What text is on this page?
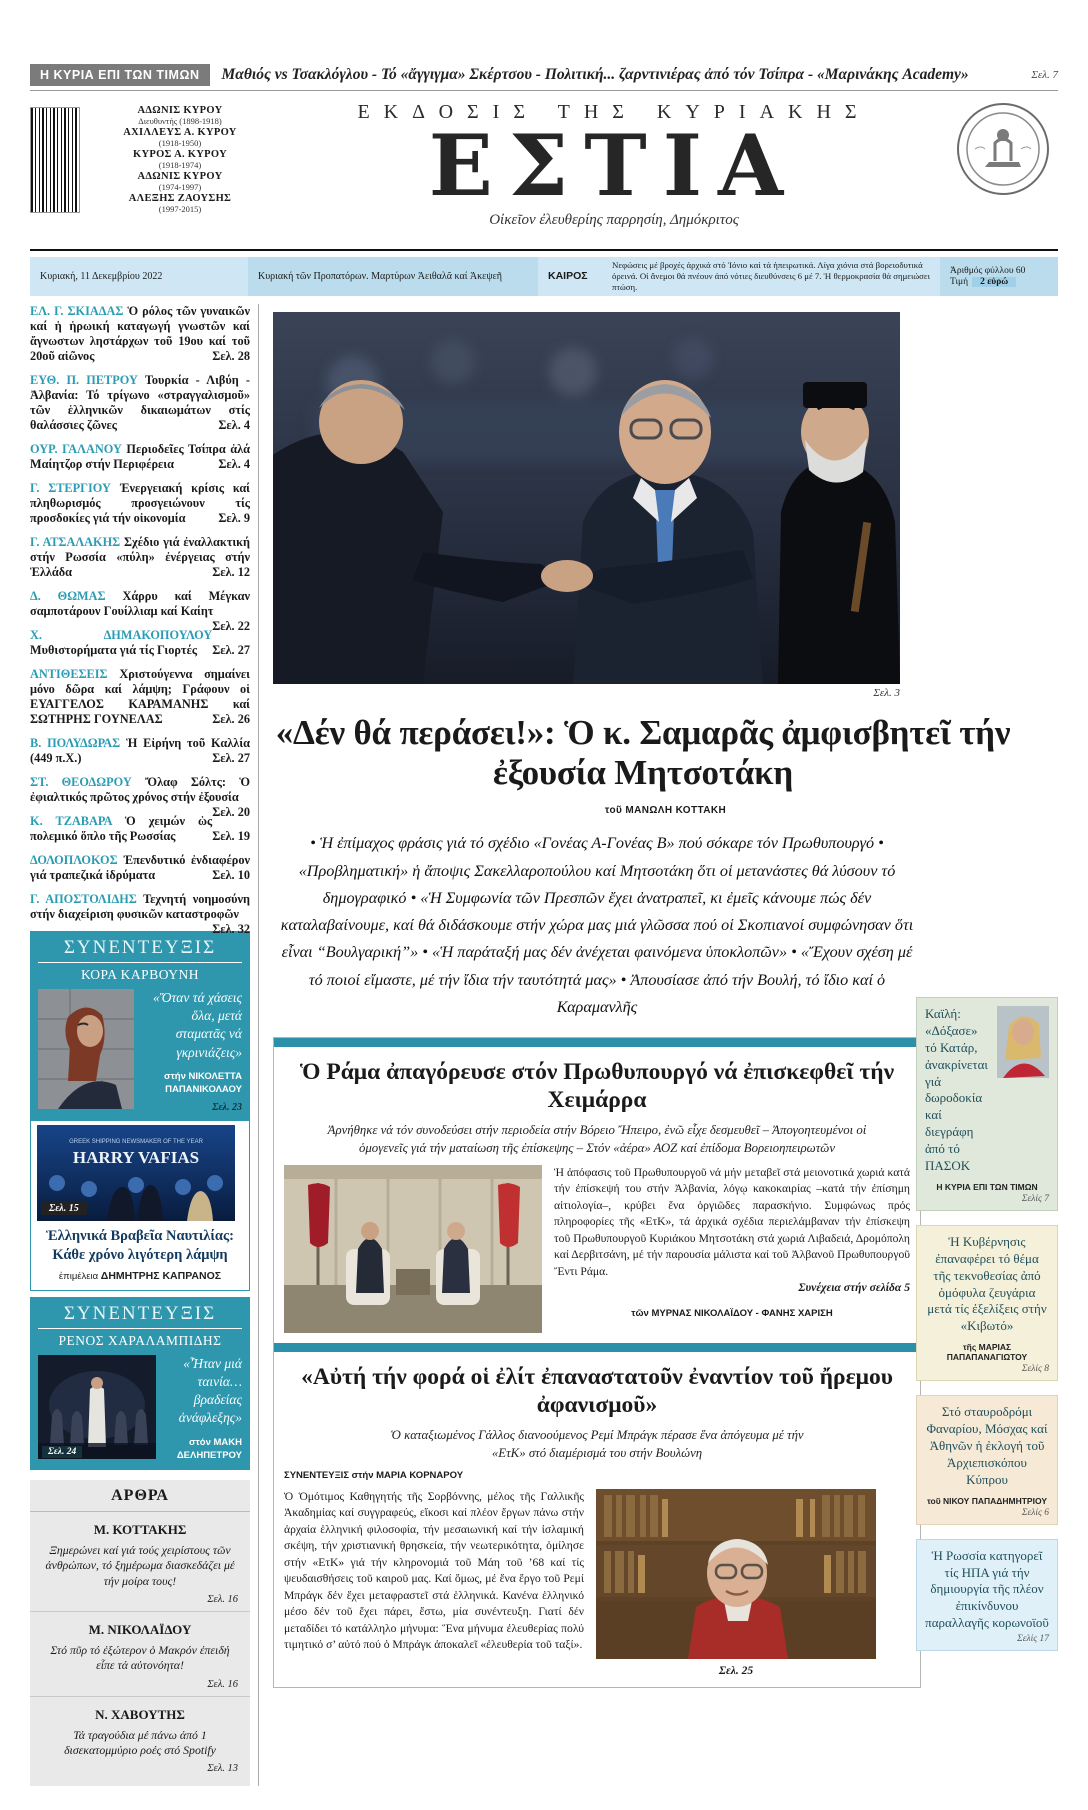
Η ΚΥΡΙΑ ΕΠΙ ΤΩΝ ΤΙΜΩΝ	Μαθιός vs Τσακλόγλου - Τό «ἄγγιγμα» Σκέρτσου - Πολιτική... ζαρντινιέρας ἀπό τόν Τσίπρα - «Μαρινάκης Academy»	Σελ. 7
ΑΔΩΝΙΣ ΚΥΡΟΥ
Διευθυντής (1898-1918)
ΑΧΙΛΛΕΥΣ Α. ΚΥΡΟΥ
(1918-1950)
ΚΥΡΟΣ Α. ΚΥΡΟΥ
(1918-1974)
ΑΔΩΝΙΣ ΚΥΡΟΥ
(1974-1997)
ΑΛΕΞΗΣ ΖΑΟΥΣΗΣ
(1997-2015)
ΕΚΔΟΣΙΣ ΤΗΣ ΚΥΡΙΑΚΗΣ
ΕΣΤΙΑ
Οἰκεῖον ἐλευθερίης παρρησίη, Δημόκριτος
Κυριακή, 11 Δεκεμβρίου 2022	Κυριακή τῶν Προπατόρων. Μαρτύρων Ἀειθαλᾶ καί Ἀκεψεῆ	ΚΑΙΡΟΣ
Νεφώσεις μέ βροχές ἀρχικά στό Ἰόνιο καί τά ἠπειρωτικά. Λίγα χιόνια στά βορειοδυτικά ὀρεινά. Οἱ ἄνεμοι θά πνέουν ἀπό νότιες διευθύνσεις 6 μέ 7. Ἡ θερμοκρασία θά σημειώσει πτώση.
Ἀριθμός φύλλου 60
Τιμή 2 εὐρώ
ΕΛ. Γ. ΣΚΙΑΔΑΣ Ὁ ρόλος τῶν γυναικῶν καί ἡ ἡρωική καταγωγή γνωστῶν καί ἄγνωστων ληστάρχων τοῦ 19ου καί τοῦ 20οῦ αἰῶνος	Σελ. 28
ΕΥΘ. Π. ΠΕΤΡΟΥ Τουρκία - Λιβύη - Ἀλβανία: Τό τρίγωνο «στραγγαλισμοῦ» τῶν ἑλληνικῶν δικαιωμάτων στίς θαλάσσιες ζῶνες	Σελ. 4
ΟΥΡ. ΓΑΛΑΝΟΥ Περιοδεῖες Τσίπρα ἀλά Μαίητζορ στήν Περιφέρεια	Σελ. 4
Γ. ΣΤΕΡΓΙΟΥ Ἐνεργειακή κρίσις καί πληθωρισμός προσγειώνουν τίς προσδοκίες γιά τήν οἰκονομία	Σελ. 9
Γ. ΑΤΣΑΛΑΚΗΣ Σχέδιο γιά ἐναλλακτική στήν Ρωσσία «πύλη» ἐνέργειας στήν Ἑλλάδα	Σελ. 12
Δ. ΘΩΜΑΣ Χάρρυ καί Μέγκαν σαμποτάρουν Γουίλλιαμ καί Καίητ
Σελ. 22
Χ. ΔΗΜΑΚΟΠΟΥΛΟΥ Μυθιστορήματα γιά τίς Γιορτές Σελ. 27
ΑΝΤΙΘΕΣΕΙΣ Χριστούγεννα σημαίνει μόνο δῶρα καί λάμψη; Γράφουν οἱ ΕΥΑΓΓΕΛΟΣ ΚΑΡΑΜΑΝΗΣ καί ΣΩΤΗΡΗΣ ΓΟΥΝΕΛΑΣ	Σελ. 26
Β. ΠΟΛΥΔΩΡΑΣ Ἡ Εἰρήνη τοῦ Καλλία (449 π.Χ.)	Σελ. 27
ΣΤ. ΘΕΟΔΩΡΟΥ Ὄλαφ Σόλτς: Ὁ ἐφιαλτικός πρῶτος χρόνος στήν ἐξουσία
Σελ. 20
Κ. ΤΖΑΒΑΡΑ Ὁ χειμών ὡς πολεμικό ὅπλο τῆς Ρωσσίας	Σελ. 19
ΔΟΛΟΠΛΟΚΟΣ Ἐπενδυτικό ἐνδιαφέρον γιά τραπεζικά ἱδρύματα	Σελ. 10
Γ. ΑΠΟΣΤΟΛΙΔΗΣ Τεχνητή νοημοσύνη στήν διαχείριση φυσικῶν καταστροφῶν
Σελ. 32
ΣΥΝΕΝΤΕΥΞΙΣ
ΚΟΡΑ ΚΑΡΒΟΥΝΗ
«Ὅταν τά χάσεις ὅλα, μετά σταματᾶς νά γκρινιάζεις»
στήν ΝΙΚΟΛΕΤΤΑ ΠΑΠΑΝΙΚΟΛΑΟΥ
Σελ. 23
GREEK SHIPPING NEWSMAKER OF THE YEAR
HARRY VAFIAS
Σελ. 15
Ἑλληνικά Βραβεῖα Ναυτιλίας: Κάθε χρόνο λιγότερη λάμψη
ἐπιμέλεια ΔΗΜΗΤΡΗΣ ΚΑΠΡΑΝΟΣ
ΣΥΝΕΝΤΕΥΞΙΣ
ΡΕΝΟΣ ΧΑΡΑΛΑΜΠΙΔΗΣ
Σελ. 24
«Ἦταν μιά ταινία… βραδείας ἀνάφλεξης»
στόν ΜΑΚΗ ΔΕΛΗΠΕΤΡΟΥ
ΑΡΘΡΑ
Μ. ΚΟΤΤΑΚΗΣ
Ξημερώνει καί γιά τούς χειρίστους τῶν ἀνθρώπων, τό ξημέρωμα διασκεδάζει μέ τήν μοίρα τους!
Σελ. 16
Μ. ΝΙΚΟΛΑΪΔΟΥ
Στό πῦρ τό ἐξώτερον ὁ Μακρόν ἐπειδή εἶπε τά αὐτονόητα!
Σελ. 16
Ν. ΧΑΒΟΥΤΗΣ
Τά τραγούδια μέ πάνω ἀπό 1 δισεκατομμύριο ροές στό Spotify
Σελ. 13
Καϊλή: «Δόξασε» τό Κατάρ, ἀνακρίνεται γιά δωροδοκία καί διεγράφη ἀπό τό ΠΑΣΟΚ
Η ΚΥΡΙΑ ΕΠΙ ΤΩΝ ΤΙΜΩΝ
Σελίς 7
Ἡ Κυβέρνησις ἐπαναφέρει τό θέμα τῆς τεκνοθεσίας ἀπό ὁμόφυλα ζευγάρια μετά τίς ἐξελίξεις στήν «Κιβωτό»
τῆς ΜΑΡΙΑΣ ΠΑΠΑΠΑΝΑΓΙΩΤΟΥ
Σελίς 8
Στό σταυροδρόμι Φαναρίου, Μόσχας καί Ἀθηνῶν ἡ ἐκλογή τοῦ Ἀρχιεπισκόπου Κύπρου
τοῦ ΝΙΚΟΥ ΠΑΠΑΔΗΜΗΤΡΙΟΥ
Σελίς 6
Ἡ Ρωσσία κατηγορεῖ τίς ΗΠΑ γιά τήν δημιουργία τῆς πλέον ἐπικίνδυνου παραλλαγῆς κορωνοϊοῦ
Σελίς 17
Σελ. 3
«Δέν θά περάσει!»: Ὁ κ. Σαμαρᾶς ἀμφισβητεῖ τήν ἐξουσία Μητσοτάκη
τοῦ ΜΑΝΩΛΗ ΚΟΤΤΑΚΗ

• Ἡ ἐπίμαχος φράσις γιά τό σχέδιο «Γονέας Α-Γονέας Β» πού σόκαρε τόν Πρωθυπουργό • «Προβληματική» ἡ ἄποψις Σακελλαροπούλου καί Μητσοτάκη ὅτι οἱ μετανάστες θά λύσουν τό δημογραφικό • «Ἡ Συμφωνία τῶν Πρεσπῶν ἔχει ἀνατραπεῖ, κι ἐμεῖς κάνουμε πώς δέν καταλαβαίνουμε, καί θά διδάσκουμε στήν χώρα μας μιά γλῶσσα πού οἱ Σκοπιανοί συμφώνησαν ὅτι εἶναι “Βουλγαρική”» • «Ἡ παράταξή μας δέν ἀνέχεται φαινόμενα ὑποκλοπῶν» • «Ἔχουν σχέση μέ τό ποιοί εἴμαστε, μέ τήν ἴδια τήν ταυτότητά μας» • Ἀπουσίασε ἀπό τήν Βουλή, τό ἴδιο καί ὁ Καραμανλῆς

Ὁ Ράμα ἀπαγόρευσε στόν Πρωθυπουργό νά ἐπισκεφθεῖ τήν Χειμάρρα
Ἀρνήθηκε νά τόν συνοδεύσει στήν περιοδεία στήν Βόρειο Ἤπειρο, ἐνῶ εἶχε δεσμευθεῖ – Ἀπογοητευμένοι οἱ ὁμογενεῖς γιά τήν ματαίωση τῆς ἐπίσκεψης – Στόν «ἀέρα» ΑΟΖ καί ἐπίδομα Βορειοηπειρωτῶν
Ἡ ἀπόφασις τοῦ Πρωθυπουργοῦ νά μήν μεταβεῖ στά μειονοτικά χωριά κατά τήν ἐπίσκεψή του στήν Ἀλβανία, λόγῳ κακοκαιρίας –κατά τήν ἐπίσημη αἰτιολογία–, κρύβει ἕνα ὀργιῶδες παρασκήνιο. Συμφώνως πρός πληροφορίες τῆς «ΕτΚ», τά ἀρχικά σχέδια περιελάμβαναν τήν ἐπίσκεψη τοῦ Πρωθυπουργοῦ Κυριάκου Μητσοτάκη στά χωριά Λιβαδειά, Δρομόπολη καί Δερβιτσάνη, μέ τήν παρουσία μάλιστα καί τοῦ Ἀλβανοῦ Πρωθυπουργοῦ Ἔντι Ράμα.
Συνέχεια στήν σελίδα 5
τῶν ΜΥΡΝΑΣ ΝΙΚΟΛΑΪΔΟΥ - ΦΑΝΗΣ ΧΑΡΙΣΗ
«Αὐτή τήν φορά οἱ ἐλίτ ἐπαναστατοῦν ἐναντίον τοῦ ἤρεμου ἀφανισμοῦ»
Ὁ καταξιωμένος Γάλλος διανοούμενος Ρεμί Μπράγκ πέρασε ἕνα ἀπόγευμα μέ τήν «ΕτΚ» στό διαμέρισμά του στήν Βουλώνη
ΣΥΝΕΝΤΕΥΞΙΣ στήν ΜΑΡΙΑ ΚΟΡΝΑΡΟΥ
Ὁ Ὁμότιμος Καθηγητής τῆς Σορβόννης, μέλος τῆς Γαλλικῆς Ἀκαδημίας καί συγγραφεύς, εἴκοσι καί πλέον ἔργων πάνω στήν ἀρχαία ἑλληνική φιλοσοφία, τήν μεσαιωνική καί τήν ἰσλαμική σκέψη, τήν χριστιανική θρησκεία, τήν νεωτερικότητα, ὁμίλησε στήν «ΕτΚ» γιά τήν κληρονομιά τοῦ Μάη τοῦ ’68 καί τίς ψευδαισθήσεις τοῦ καιροῦ μας. Καί ὅμως, μέ ἕνα ἔργο τοῦ Ρεμί Μπράγκ δέν ἔχει μεταφραστεῖ στά ἑλληνικά. Κανένα ἑλληνικό μέσο δέν τοῦ ἔχει πάρει, ἔστω, μία συνέντευξη. Γιατί δέν μεταδίδει τό κατάλληλο μήνυμα: Ἕνα μήνυμα ἐλευθερίας πολύ τιμητικό σ’ αὐτό πού ὁ Μπράγκ ἀποκαλεῖ «ἐλευθερία τοῦ ταξί».
Σελ. 25
